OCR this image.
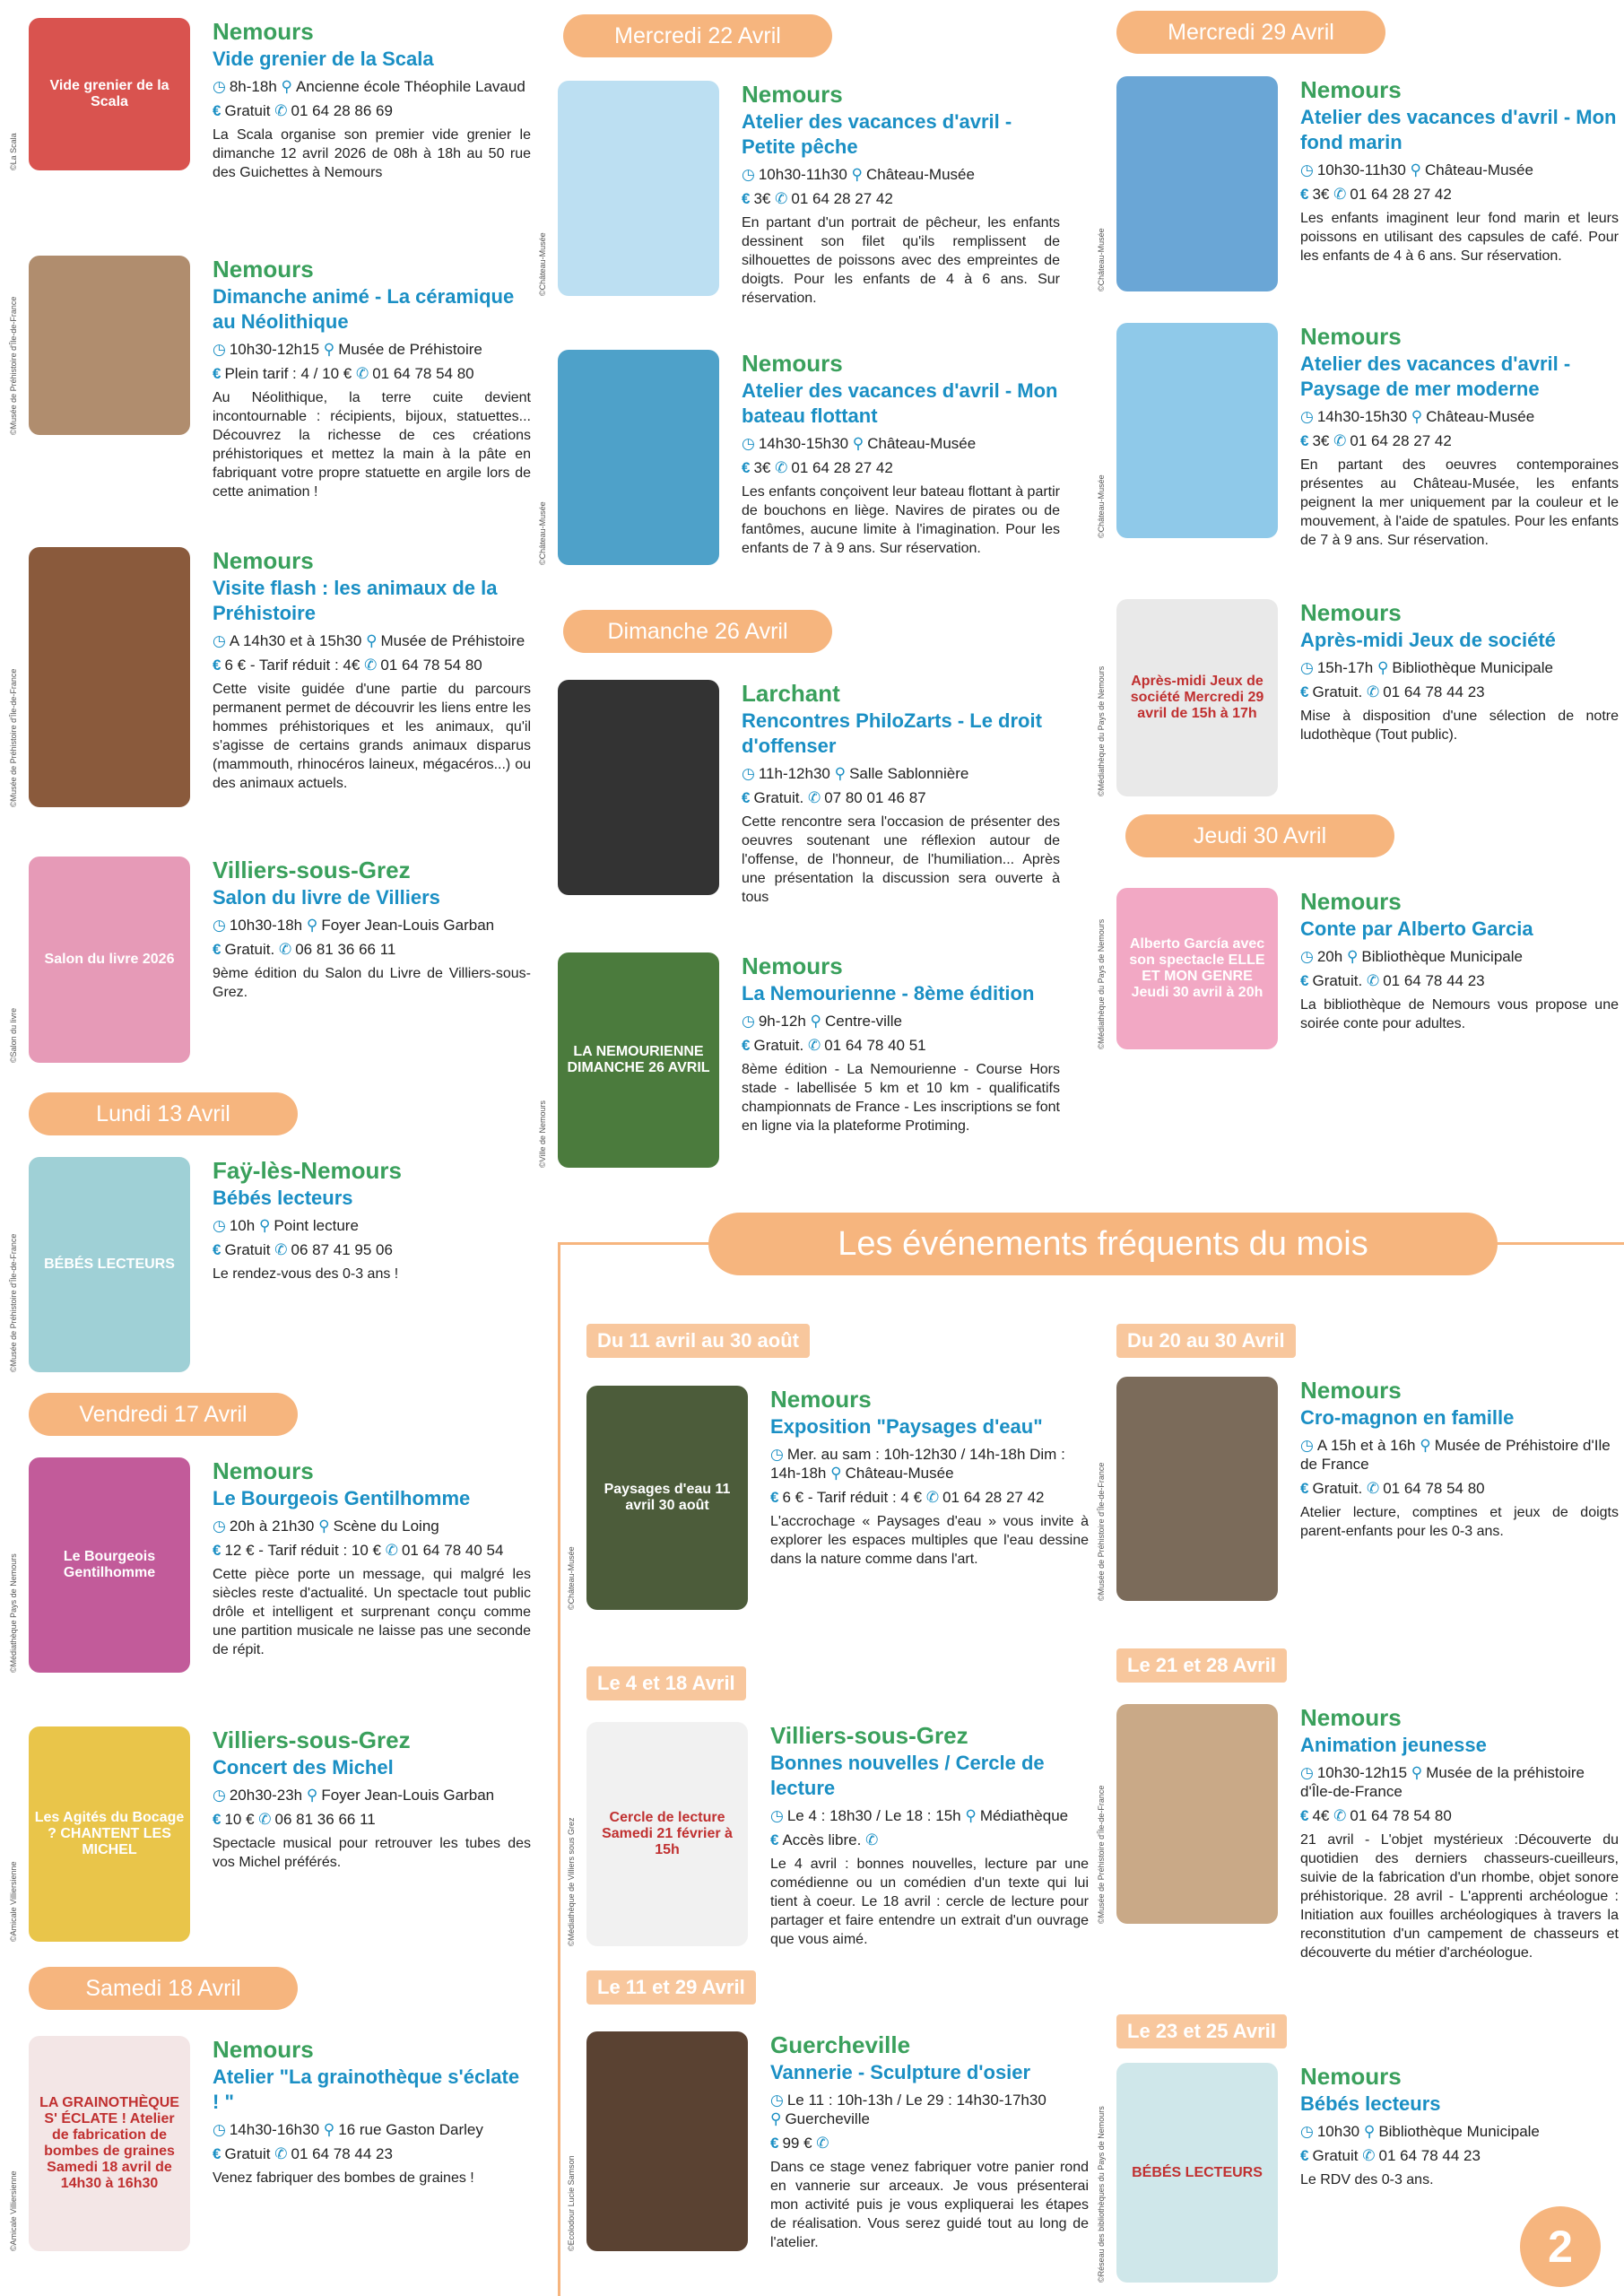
Lundi 13 Avril
Vendredi 17 Avril
Samedi 18 Avril
Mercredi 22 Avril
Dimanche 26 Avril
Mercredi 29 Avril
Jeudi 30 Avril
Les événements fréquents du mois
Du 11 avril au 30 août
Le 4 et 18 Avril
Le 11 et 29 Avril
Du 20 au 30 Avril
Le 21 et 28 Avril
Le 23 et 25 Avril
Vide grenier de la Scala
Nemours
Vide grenier de la Scala
◷ 8h-18h ⚲ Ancienne école Théophile Lavaud
€ Gratuit ✆ 01 64 28 86 69
La Scala organise son premier vide grenier le dimanche 12 avril 2026 de 08h à 18h au 50 rue des Guichettes à Nemours
©La Scala
Nemours
Dimanche animé - La céramique au Néolithique
◷ 10h30-12h15 ⚲ Musée de Préhistoire
€ Plein tarif : 4 / 10 € ✆ 01 64 78 54 80
Au Néolithique, la terre cuite devient incontournable : récipients, bijoux, statuettes... Découvrez la richesse de ces créations préhistoriques et mettez la main à la pâte en fabriquant votre propre statuette en argile lors de cette animation !
©Musée de Préhistoire d'Île-de-France
Nemours
Visite flash : les animaux de la Préhistoire
◷ A 14h30 et à 15h30 ⚲ Musée de Préhistoire
€ 6 € - Tarif réduit : 4€ ✆ 01 64 78 54 80
Cette visite guidée d'une partie du parcours permanent permet de découvrir les liens entre les hommes préhistoriques et les animaux, qu'il s'agisse de certains grands animaux disparus (mammouth, rhinocéros laineux, mégacéros...) ou des animaux actuels.
©Musée de Préhistoire d'Île-de-France
Salon du livre 2026
Villiers-sous-Grez
Salon du livre de Villiers
◷ 10h30-18h ⚲ Foyer Jean-Louis Garban
€ Gratuit. ✆ 06 81 36 66 11
9ème édition du Salon du Livre de Villiers-sous-Grez.
©Salon du livre
BÉBÉS LECTEURS
Faÿ-lès-Nemours
Bébés lecteurs
◷ 10h ⚲ Point lecture
€ Gratuit ✆ 06 87 41 95 06
Le rendez-vous des 0-3 ans !
©Musée de Préhistoire d'Île-de-France
Le Bourgeois Gentilhomme
Nemours
Le Bourgeois Gentilhomme
◷ 20h à 21h30 ⚲ Scène du Loing
€ 12 € - Tarif réduit : 10 € ✆ 01 64 78 40 54
Cette pièce porte un message, qui malgré les siècles reste d'actualité. Un spectacle tout public drôle et intelligent et surprenant conçu comme une partition musicale ne laisse pas une seconde de répit.
©Médiathèque Pays de Nemours
Les Agités du Bocage ? CHANTENT LES MICHEL
Villiers-sous-Grez
Concert des Michel
◷ 20h30-23h ⚲ Foyer Jean-Louis Garban
€ 10 € ✆ 06 81 36 66 11
Spectacle musical pour retrouver les tubes des vos Michel préférés.
©Amicale Villiersienne
LA GRAINOTHÈQUE S' ÉCLATE ! Atelier de fabrication de bombes de graines Samedi 18 avril de 14h30 à 16h30
Nemours
Atelier "La grainothèque s'éclate ! "
◷ 14h30-16h30 ⚲ 16 rue Gaston Darley
€ Gratuit ✆ 01 64 78 44 23
Venez fabriquer des bombes de graines !
©Amicale Villiersienne
Nemours
Atelier des vacances d'avril - Petite pêche
◷ 10h30-11h30 ⚲ Château-Musée
€ 3€ ✆ 01 64 28 27 42
En partant d'un portrait de pêcheur, les enfants dessinent son filet qu'ils remplissent de silhouettes de poissons avec des empreintes de doigts. Pour les enfants de 4 à 6 ans. Sur réservation.
©Château-Musée
Nemours
Atelier des vacances d'avril - Mon bateau flottant
◷ 14h30-15h30 ⚲ Château-Musée
€ 3€ ✆ 01 64 28 27 42
Les enfants conçoivent leur bateau flottant à partir de bouchons en liège. Navires de pirates ou de fantômes, aucune limite à l'imagination. Pour les enfants de 7 à 9 ans. Sur réservation.
©Château-Musée
Larchant
Rencontres PhiloZarts - Le droit d'offenser
◷ 11h-12h30 ⚲ Salle Sablonnière
€ Gratuit. ✆ 07 80 01 46 87
Cette rencontre sera l'occasion de présenter des oeuvres soutenant une réflexion autour de l'offense, de l'honneur, de l'humiliation... Après une présentation la discussion sera ouverte à tous
LA NEMOURIENNE DIMANCHE 26 AVRIL
Nemours
La Nemourienne - 8ème édition
◷ 9h-12h ⚲ Centre-ville
€ Gratuit. ✆ 01 64 78 40 51
8ème édition - La Nemourienne - Course Hors stade - labellisée 5 km et 10 km - qualificatifs championnats de France - Les inscriptions se font en ligne via la plateforme Protiming.
©Ville de Nemours
Nemours
Atelier des vacances d'avril - Mon fond marin
◷ 10h30-11h30 ⚲ Château-Musée
€ 3€ ✆ 01 64 28 27 42
Les enfants imaginent leur fond marin et leurs poissons en utilisant des capsules de café. Pour les enfants de 4 à 6 ans. Sur réservation.
©Château-Musée
Nemours
Atelier des vacances d'avril - Paysage de mer moderne
◷ 14h30-15h30 ⚲ Château-Musée
€ 3€ ✆ 01 64 28 27 42
En partant des oeuvres contemporaines présentes au Château-Musée, les enfants peignent la mer uniquement par la couleur et le mouvement, à l'aide de spatules. Pour les enfants de 7 à 9 ans. Sur réservation.
©Château-Musée
Après-midi Jeux de société Mercredi 29 avril de 15h à 17h
Nemours
Après-midi Jeux de société
◷ 15h-17h ⚲ Bibliothèque Municipale
€ Gratuit. ✆ 01 64 78 44 23
Mise à disposition d'une sélection de notre ludothèque (Tout public).
©Médiathèque du Pays de Nemours
Alberto García avec son spectacle ELLE ET MON GENRE Jeudi 30 avril à 20h
Nemours
Conte par Alberto Garcia
◷ 20h ⚲ Bibliothèque Municipale
€ Gratuit. ✆ 01 64 78 44 23
La bibliothèque de Nemours vous propose une soirée conte pour adultes.
©Médiathèque du Pays de Nemours
Paysages d'eau 11 avril 30 août
Nemours
Exposition "Paysages d'eau"
◷ Mer. au sam : 10h-12h30 / 14h-18h Dim : 14h-18h ⚲ Château-Musée
€ 6 € - Tarif réduit : 4 € ✆ 01 64 28 27 42
L'accrochage « Paysages d'eau » vous invite à explorer les espaces multiples que l'eau dessine dans la nature comme dans l'art.
©Château-Musée
Cercle de lecture Samedi 21 février à 15h
Villiers-sous-Grez
Bonnes nouvelles / Cercle de lecture
◷ Le 4 : 18h30 / Le 18 : 15h ⚲ Médiathèque
€ Accès libre. ✆
Le 4 avril : bonnes nouvelles, lecture par une comédienne ou un comédien d'un texte qui lui tient à coeur. Le 18 avril : cercle de lecture pour partager et faire entendre un extrait d'un ouvrage que vous aimé.
©Médiathèque de Villiers sous Grez
Guercheville
Vannerie - Sculpture d'osier
◷ Le 11 : 10h-13h / Le 29 : 14h30-17h30 ⚲ Guercheville
€ 99 € ✆
Dans ce stage venez fabriquer votre panier rond en vannerie sur arceaux. Je vous présenterai mon activité puis je vous expliquerai les étapes de réalisation. Vous serez guidé tout au long de l'atelier.
©Ecolodour Lucie Samson
Nemours
Cro-magnon en famille
◷ A 15h et à 16h ⚲ Musée de Préhistoire d'Ile de France
€ Gratuit. ✆ 01 64 78 54 80
Atelier lecture, comptines et jeux de doigts parent-enfants pour les 0-3 ans.
©Musée de Préhistoire d'Île-de-France
Nemours
Animation jeunesse
◷ 10h30-12h15 ⚲ Musée de la préhistoire d'Île-de-France
€ 4€ ✆ 01 64 78 54 80
21 avril - L'objet mystérieux :Découverte du quotidien des derniers chasseurs-cueilleurs, suivie de la fabrication d'un rhombe, objet sonore préhistorique. 28 avril - L'apprenti archéologue : Initiation aux fouilles archéologiques à travers la reconstitution d'un campement de chasseurs et découverte du métier d'archéologue.
©Musée de Préhistoire d'Île-de-France
BÉBÉS LECTEURS
Nemours
Bébés lecteurs
◷ 10h30 ⚲ Bibliothèque Municipale
€ Gratuit ✆ 01 64 78 44 23
Le RDV des 0-3 ans.
©Réseau des bibliothèques du Pays de Nemours	2
